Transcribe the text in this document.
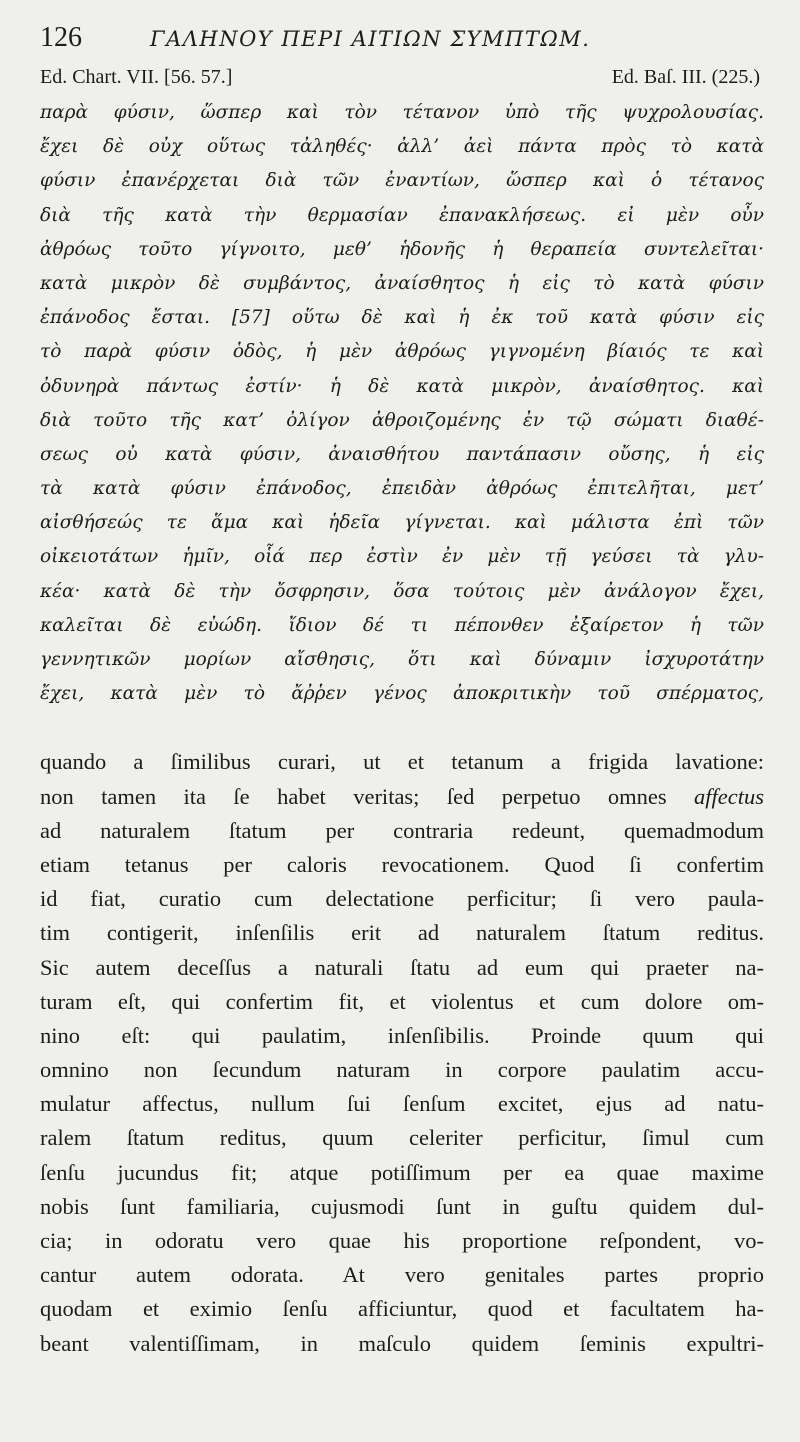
126	ΓΑΛΗΝΟΥ ΠΕΡΙ ΑΙΤΙΩΝ ΣΥΜΠΤΩΜ.
Ed. Chart. VII. [56. 57.]	Ed. Baſ. III. (225.)
παρὰ φύσιν, ὥσπερ καὶ τὸν τέτανον ὑπὸ τῆς ψυχρολουσίας.
ἔχει δὲ οὐχ οὕτως τἀληθές· ἀλλ’ ἀεὶ πάντα πρὸς τὸ κατὰ
φύσιν ἐπανέρχεται διὰ τῶν ἐναντίων, ὥσπερ καὶ ὁ τέτανος
διὰ τῆς κατὰ τὴν θερμασίαν ἐπανακλήσεως. εἰ μὲν οὖν
ἀθρόως τοῦτο γίγνοιτο, μεθ’ ἡδονῆς ἡ θεραπεία συντελεῖται·
κατὰ μικρὸν δὲ συμβάντος, ἀναίσθητος ἡ εἰς τὸ κατὰ φύσιν
ἐπάνοδος ἔσται. [57] οὕτω δὲ καὶ ἡ ἐκ τοῦ κατὰ φύσιν εἰς
τὸ παρὰ φύσιν ὁδὸς, ἡ μὲν ἀθρόως γιγνομένη βίαιός τε καὶ
ὀδυνηρὰ πάντως ἐστίν· ἡ δὲ κατὰ μικρὸν, ἀναίσθητος. καὶ
διὰ τοῦτο τῆς κατ’ ὀλίγον ἀθροιζομένης ἐν τῷ σώματι διαθέ-
σεως οὐ κατὰ φύσιν, ἀναισθήτου παντάπασιν οὔσης, ἡ εἰς
τὰ κατὰ φύσιν ἐπάνοδος, ἐπειδὰν ἀθρόως ἐπιτελῆται, μετ’
αἰσθήσεώς τε ἅμα καὶ ἡδεῖα γίγνεται. καὶ μάλιστα ἐπὶ τῶν
οἰκειοτάτων ἡμῖν, οἷά περ ἐστὶν ἐν μὲν τῇ γεύσει τὰ γλυ-
κέα· κατὰ δὲ τὴν ὄσφρησιν, ὅσα τούτοις μὲν ἀνάλογον ἔχει,
καλεῖται δὲ εὐώδη. ἴδιον δέ τι πέπονθεν ἐξαίρετον ἡ τῶν
γεννητικῶν μορίων αἴσθησις, ὅτι καὶ δύναμιν ἰσχυροτάτην
ἔχει, κατὰ μὲν τὸ ἄῤῥεν γένος ἀποκριτικὴν τοῦ σπέρματος,
quando a ſimilibus curari, ut et tetanum a frigida lavatione:
non tamen ita ſe habet veritas; ſed perpetuo omnes affectus
ad naturalem ſtatum per contraria redeunt, quemadmodum
etiam tetanus per caloris revocationem. Quod ſi confertim
id fiat, curatio cum delectatione perficitur; ſi vero paula-
tim contigerit, inſenſilis erit ad naturalem ſtatum reditus.
Sic autem deceſſus a naturali ſtatu ad eum qui praeter na-
turam eſt, qui confertim fit, et violentus et cum dolore om-
nino eſt: qui paulatim, inſenſibilis. Proinde quum qui
omnino non ſecundum naturam in corpore paulatim accu-
mulatur affectus, nullum ſui ſenſum excitet, ejus ad natu-
ralem ſtatum reditus, quum celeriter perficitur, ſimul cum
ſenſu jucundus fit; atque potiſſimum per ea quae maxime
nobis ſunt familiaria, cujusmodi ſunt in guſtu quidem dul-
cia; in odoratu vero quae his proportione reſpondent, vo-
cantur autem odorata. At vero genitales partes proprio
quodam et eximio ſenſu afficiuntur, quod et facultatem ha-
beant valentiſſimam, in maſculo quidem ſeminis expultri-
